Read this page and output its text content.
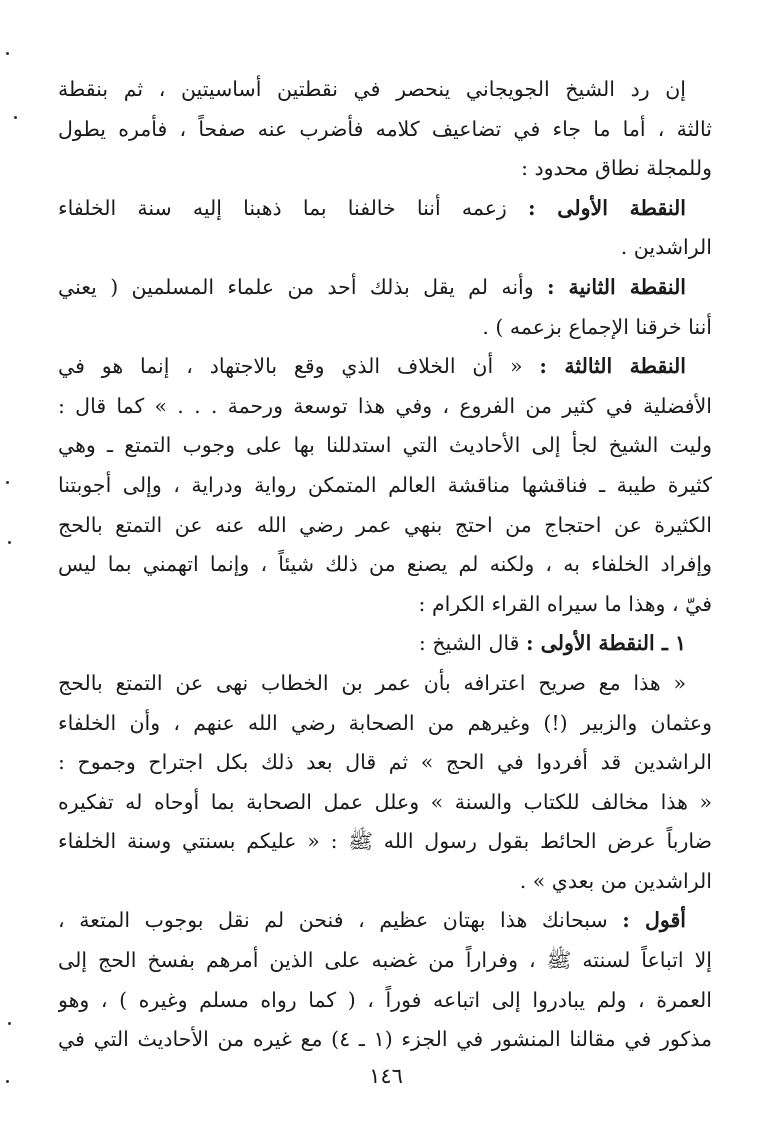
إن رد الشيخ الجويجاني ينحصر في نقطتين أساسيتين ، ثم بنقطة
ثالثة ، أما ما جاء في تضاعيف كلامه فأضرب عنه صفحاً ، فأمره يطول
وللمجلة نطاق محدود :
النقطة الأولى : زعمه أننا خالفنا بما ذهبنا إليه سنة الخلفاء
الراشدين .
النقطة الثانية : وأنه لم يقل بذلك أحد من علماء المسلمين ( يعني
أننا خرقنا الإجماع بزعمه ) .
النقطة الثالثة : « أن الخلاف الذي وقع بالاجتهاد ، إنما هو في
الأفضلية في كثير من الفروع ، وفي هذا توسعة ورحمة . . . » كما قال :
وليت الشيخ لجأ إلى الأحاديث التي استدللنا بها على وجوب التمتع ـ وهي
كثيرة طيبة ـ فناقشها مناقشة العالم المتمكن رواية ودراية ، وإلى أجوبتنا
الكثيرة عن احتجاج من احتج بنهي عمر رضي الله عنه عن التمتع بالحج
وإفراد الخلفاء به ، ولكنه لم يصنع من ذلك شيئاً ، وإنما اتهمني بما ليس
فيّ ، وهذا ما سيراه القراء الكرام :
١ ـ النقطة الأولى : قال الشيخ :
« هذا مع صريح اعترافه بأن عمر بن الخطاب نهى عن التمتع بالحج
وعثمان والزبير (!) وغيرهم من الصحابة رضي الله عنهم ، وأن الخلفاء
الراشدين قد أفردوا في الحج » ثم قال بعد ذلك بكل اجتراح وجموح :
« هذا مخالف للكتاب والسنة » وعلل عمل الصحابة بما أوحاه له تفكيره
ضارباً عرض الحائط بقول رسول الله ﷺ : « عليكم بسنتي وسنة الخلفاء
الراشدين من بعدي » .
أقول : سبحانك هذا بهتان عظيم ، فنحن لم نقل بوجوب المتعة ،
إلا اتباعاً لسنته ﷺ ، وفراراً من غضبه على الذين أمرهم بفسخ الحج إلى
العمرة ، ولم يبادروا إلى اتباعه فوراً ، ( كما رواه مسلم وغيره ) ، وهو
مذكور في مقالنا المنشور في الجزء (١ ـ ٤) مع غيره من الأحاديث التي في
١٤٦
